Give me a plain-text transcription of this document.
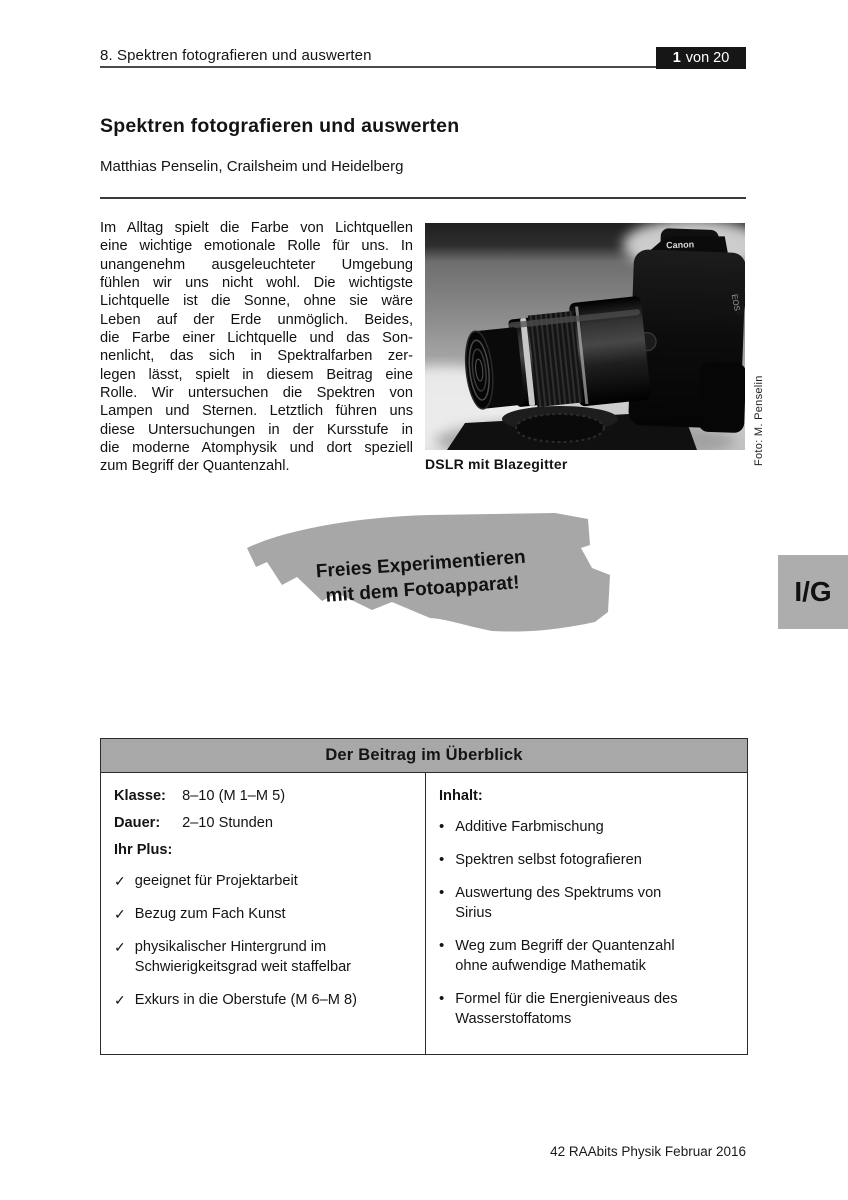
8. Spektren fotografieren und auswerten	1 von 20
Spektren fotografieren und auswerten
Matthias Penselin, Crailsheim und Heidelberg
Im Alltag spielt die Farbe von Lichtquellen
eine wichtige emotionale Rolle für uns. In
unangenehm ausgeleuchteter Umgebung
fühlen wir uns nicht wohl. Die wichtigste
Lichtquelle ist die Sonne, ohne sie wäre
Leben auf der Erde unmöglich. Beides,
die Farbe einer Lichtquelle und das Son-
nenlicht, das sich in Spektralfarben zer-
legen lässt, spielt in diesem Beitrag eine
Rolle. Wir untersuchen die Spektren von
Lampen und Sternen. Letztlich führen uns
diese Untersuchungen in der Kursstufe in
die moderne Atomphysik und dort speziell
zum Begriff der Quantenzahl.
Canon
EOS
DSLR mit Blazegitter	Foto: M. Penselin
Freies Experimentieren
mit dem Fotoapparat!	I/G
Der Beitrag im Überblick
Klasse: 8–10 (M 1–M 5)
Dauer: 2–10 Stunden
Ihr Plus:
✓ geeignet für Projektarbeit
✓ Bezug zum Fach Kunst
✓ physikalischer Hintergrund im Schwierigkeitsgrad weit staffelbar
✓ Exkurs in die Oberstufe (M 6–M 8)
Inhalt:
• Additive Farbmischung
• Spektren selbst fotografieren
• Auswertung des Spektrums von Sirius
• Weg zum Begriff der Quantenzahl ohne aufwendige Mathematik
• Formel für die Energieniveaus des Wasserstoffatoms
42 RAAbits Physik Februar 2016
